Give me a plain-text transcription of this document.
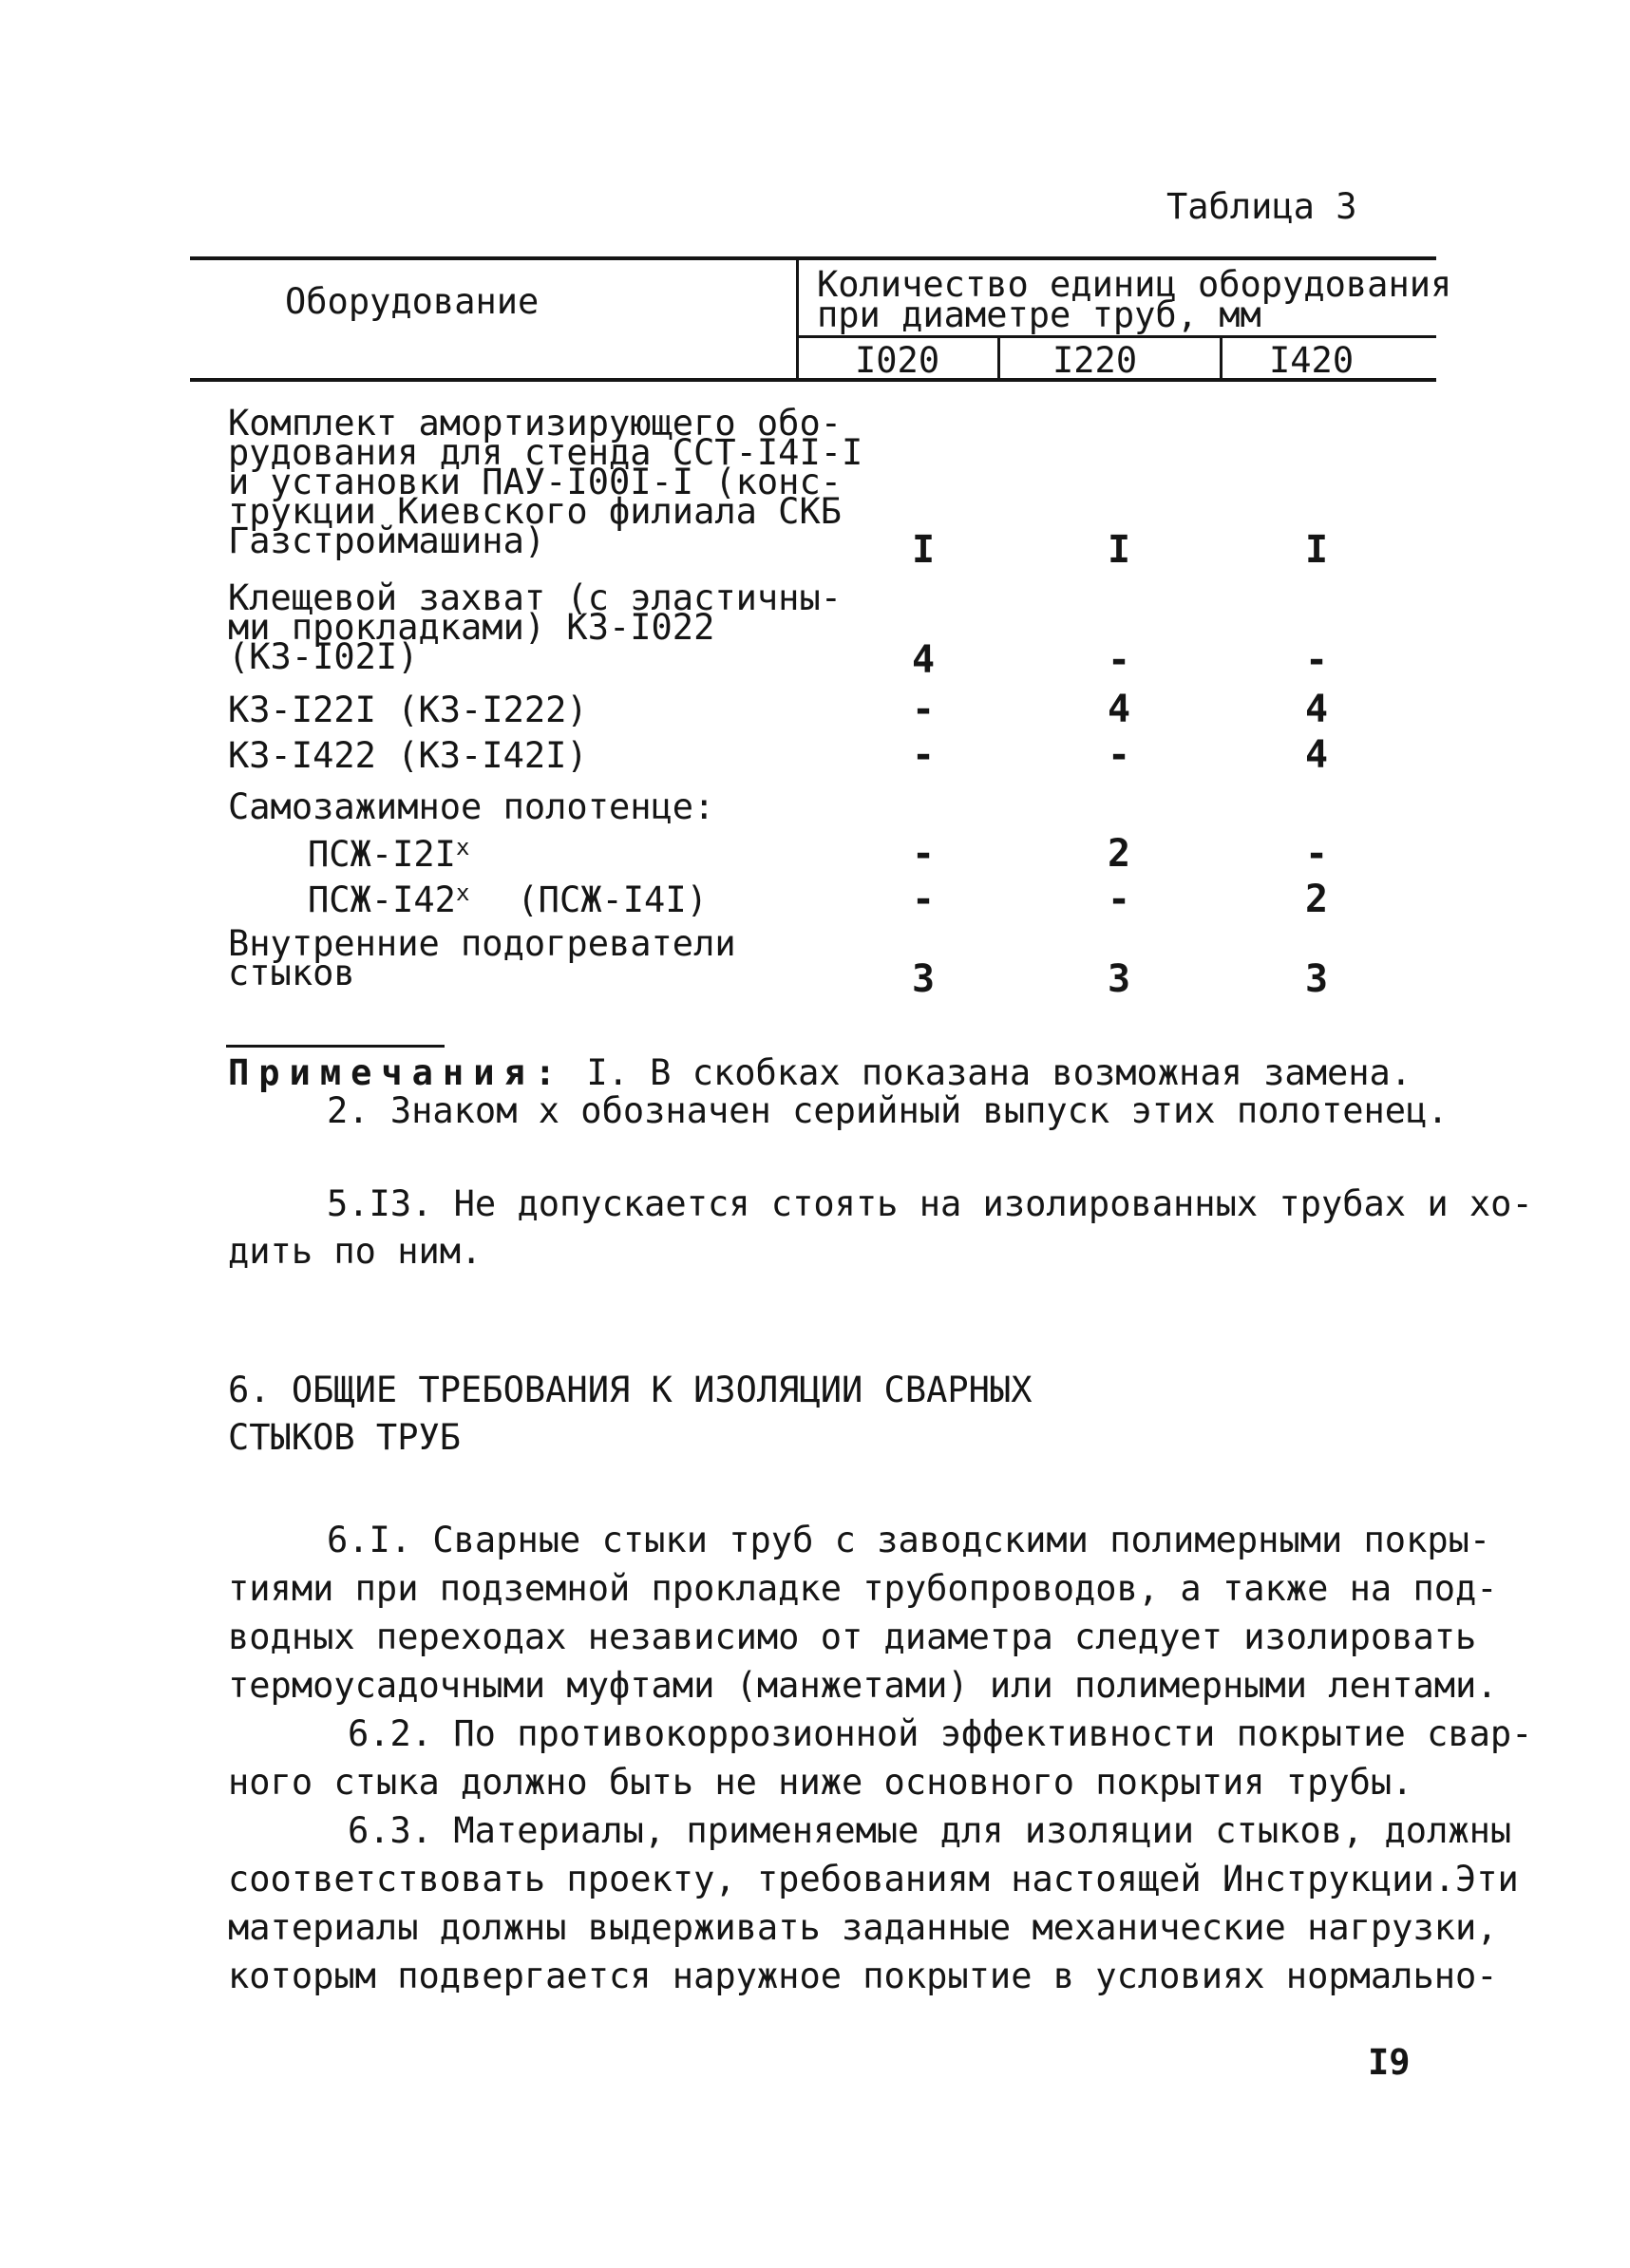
Таблица 3
Оборудование	Количество единиц оборудования
при диаметре труб, мм
I020	I220	I420
Комплект амортизирующего обо-
рудования для стенда ССТ-I4I-I
и установки ПАУ-I00I-I (конс-
трукции Киевского филиала СКБ
Газстроймашина)	I	I	I
Клещевой захват (с эластичны-
ми прокладками) КЗ-I022
(КЗ-I02I)	4	-	-
КЗ-I22I (КЗ-I222)	-	4	4
КЗ-I422 (КЗ-I42I)	-	-	4
Самозажимное полотенце:
ПСЖ-$I2I^х$	-	2	-
ПСЖ-$I42^х$ (ПСЖ-I4I)	-	-	2
Внутренние подогреватели
стыков	3	3	3
Примечания: I. В скобках показана возможная замена.
2. Знаком х обозначен серийный выпуск этих полотенец.
5.I3. Не допускается стоять на изолированных трубах и хо-
дить по ним.
6. ОБЩИЕ ТРЕБОВАНИЯ К ИЗОЛЯЦИИ СВАРНЫХ
СТЫКОВ ТРУБ
6.I. Сварные стыки труб с заводскими полимерными покры-
тиями при подземной прокладке трубопроводов, а также на под-
водных переходах независимо от диаметра следует изолировать
термоусадочными муфтами (манжетами) или полимерными лентами.
6.2. По противокоррозионной эффективности покрытие свар-
ного стыка должно быть не ниже основного покрытия трубы.
6.3. Материалы, применяемые для изоляции стыков, должны
соответствовать проекту, требованиям настоящей Инструкции.Эти
материалы должны выдерживать заданные механические нагрузки,
которым подвергается наружное покрытие в условиях нормально-
I9
